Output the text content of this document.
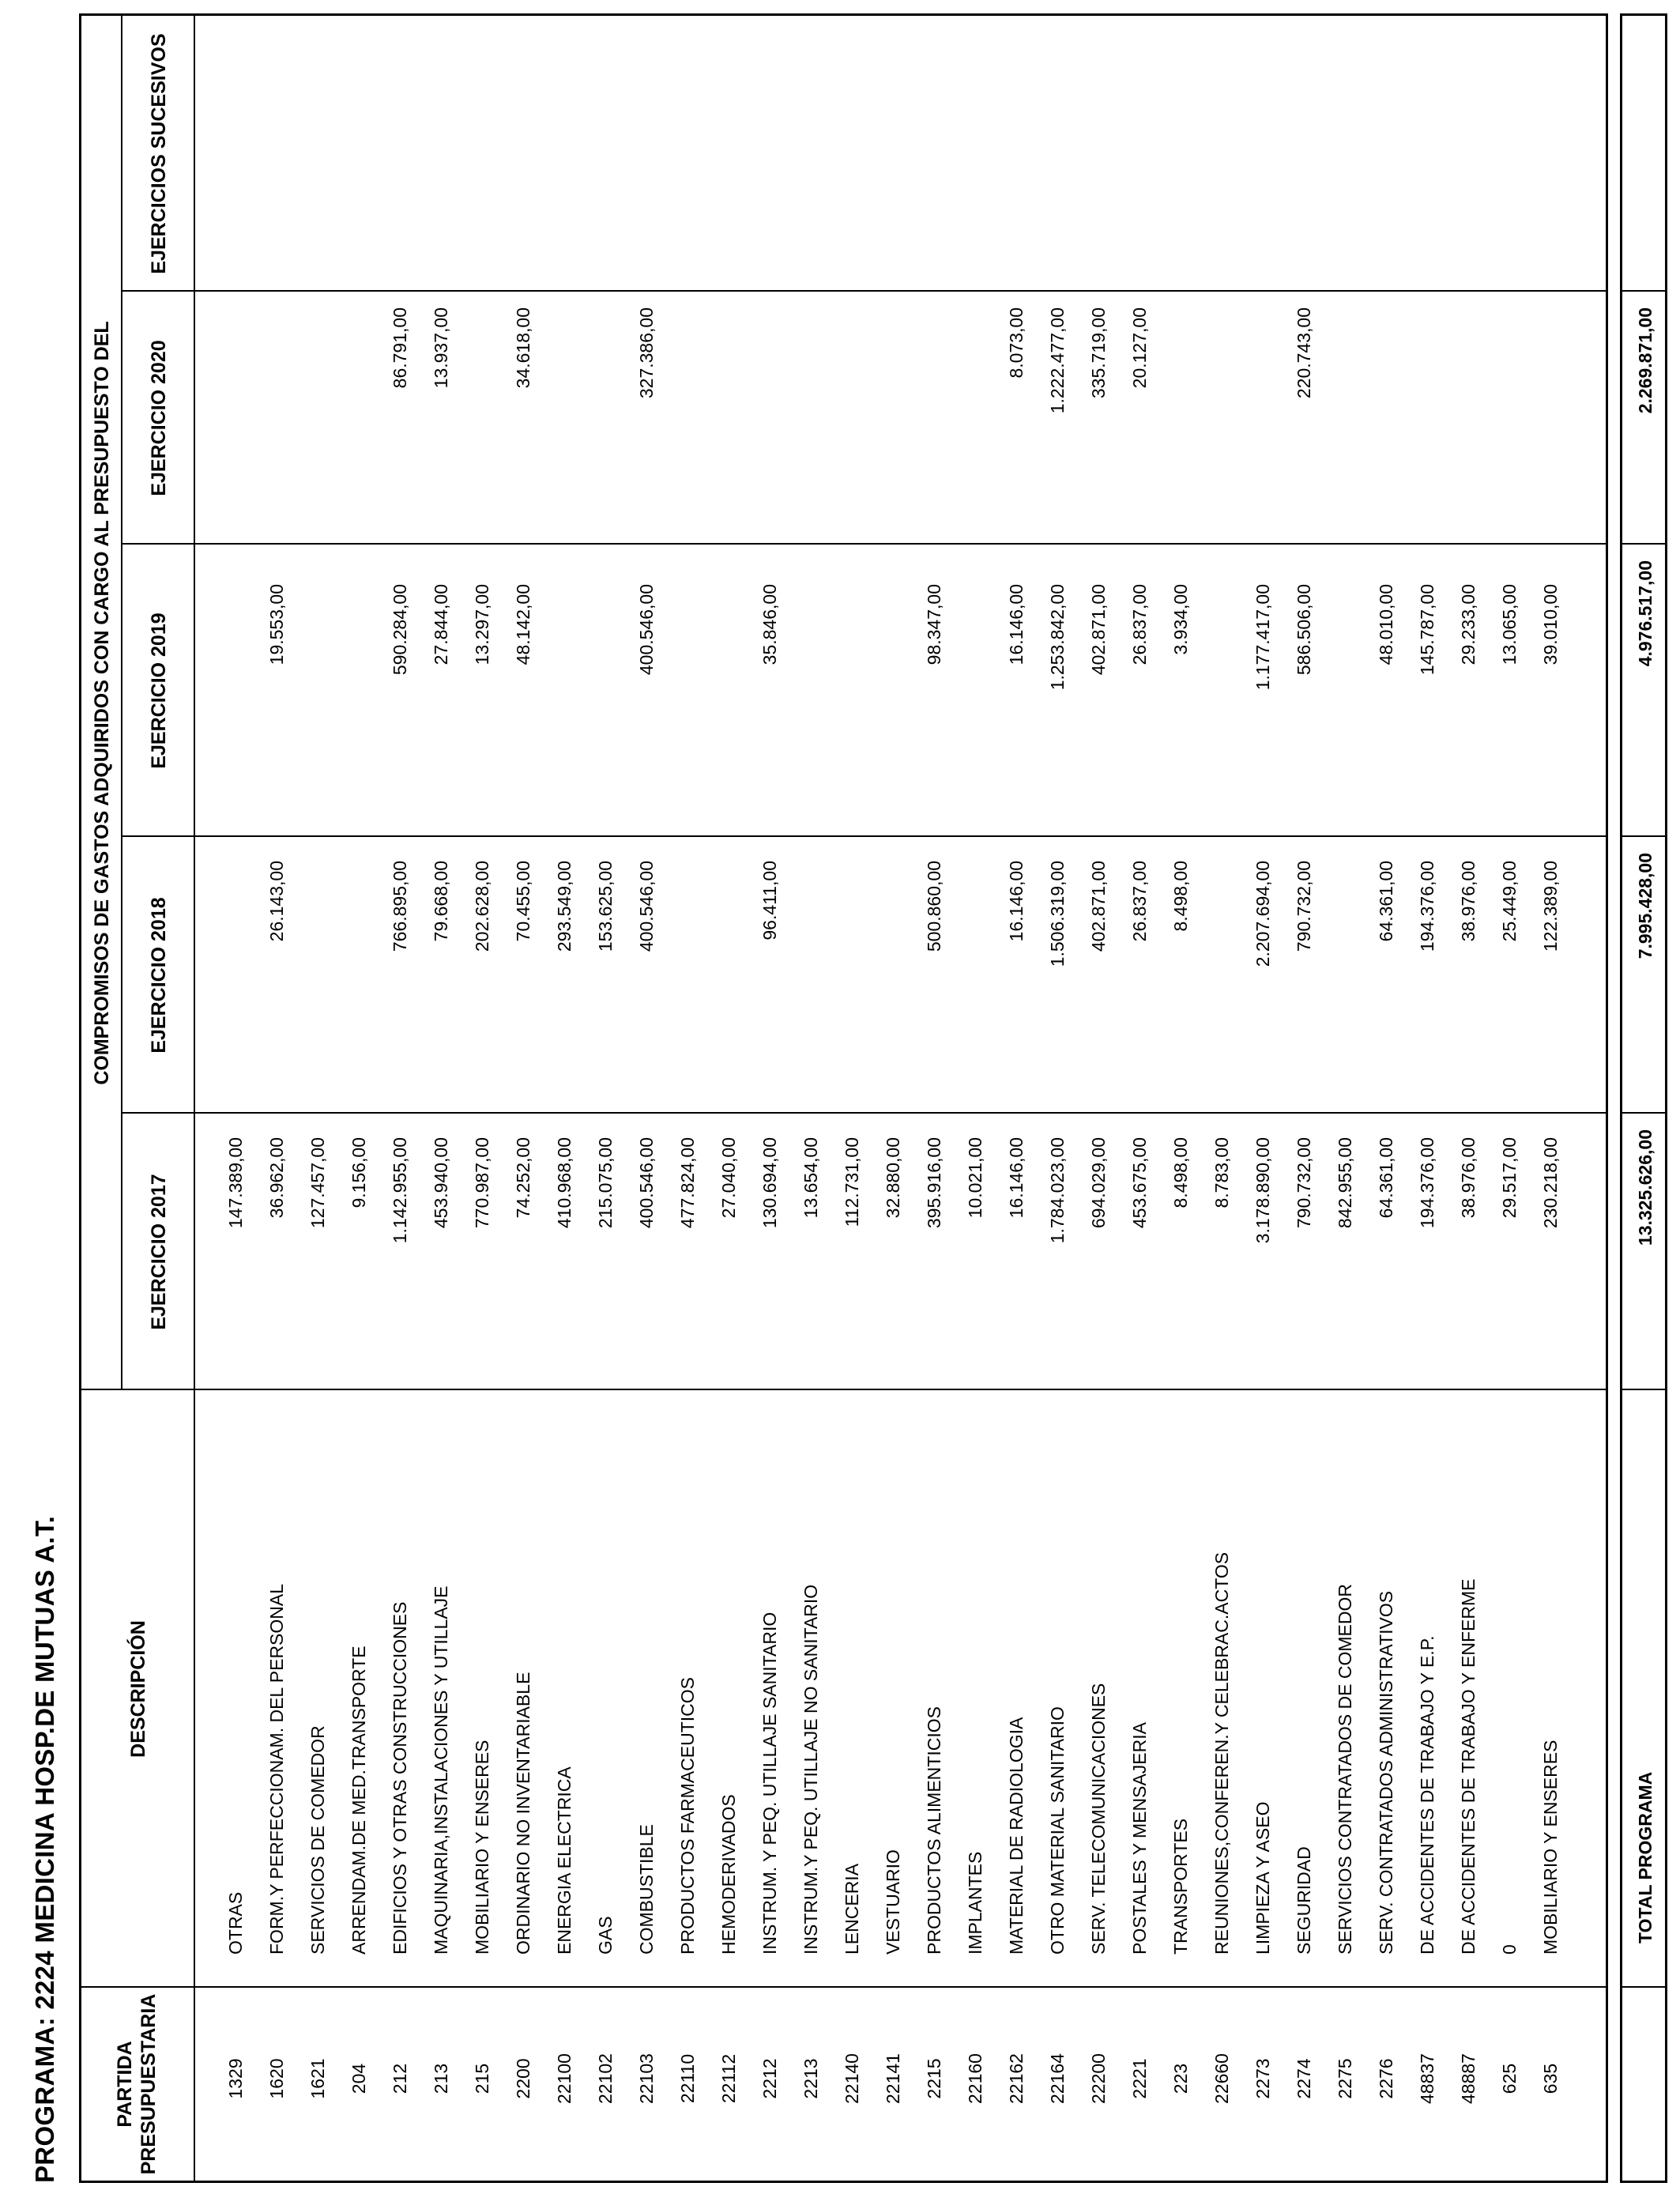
PROGRAMA: 2224 MEDICINA HOSP.DE MUTUAS A.T.	PARTIDA PRESUPUESTARIA
DESCRIPCIÓN
COMPROMISOS DE GASTOS ADQUIRIDOS CON CARGO AL PRESUPUESTO DEL
EJERCICIO 2017
EJERCICIO 2018
EJERCICIO 2019
EJERCICIO 2020
EJERCICIOS SUCESIVOS
1329
OTRAS
147.389,00
1620
FORM.Y PERFECCIONAM. DEL PERSONAL
36.962,00
26.143,00
19.553,00
1621
SERVICIOS DE COMEDOR
127.457,00
204
ARRENDAM.DE MED.TRANSPORTE
9.156,00
212
EDIFICIOS Y OTRAS CONSTRUCCIONES
1.142.955,00
766.895,00
590.284,00
86.791,00
213
MAQUINARIA,INSTALACIONES Y UTILLAJE
453.940,00
79.668,00
27.844,00
13.937,00
215
MOBILIARIO Y ENSERES
770.987,00
202.628,00
13.297,00
2200
ORDINARIO NO INVENTARIABLE
74.252,00
70.455,00
48.142,00
34.618,00
22100
ENERGIA ELECTRICA
410.968,00
293.549,00
22102
GAS
215.075,00
153.625,00
22103
COMBUSTIBLE
400.546,00
400.546,00
400.546,00
327.386,00
22110
PRODUCTOS FARMACEUTICOS
477.824,00
22112
HEMODERIVADOS
27.040,00
2212
INSTRUM. Y PEQ. UTILLAJE SANITARIO
130.694,00
96.411,00
35.846,00
2213
INSTRUM.Y PEQ. UTILLAJE NO SANITARIO
13.654,00
22140
LENCERIA
112.731,00
22141
VESTUARIO
32.880,00
2215
PRODUCTOS ALIMENTICIOS
395.916,00
500.860,00
98.347,00
22160
IMPLANTES
10.021,00
22162
MATERIAL DE RADIOLOGIA
16.146,00
16.146,00
16.146,00
8.073,00
22164
OTRO MATERIAL SANITARIO
1.784.023,00
1.506.319,00
1.253.842,00
1.222.477,00
22200
SERV. TELECOMUNICACIONES
694.029,00
402.871,00
402.871,00
335.719,00
2221
POSTALES Y MENSAJERIA
453.675,00
26.837,00
26.837,00
20.127,00
223
TRANSPORTES
8.498,00
8.498,00
3.934,00
22660
REUNIONES,CONFEREN.Y CELEBRAC.ACTOS
8.783,00
2273
LIMPIEZA Y ASEO
3.178.890,00
2.207.694,00
1.177.417,00
2274
SEGURIDAD
790.732,00
790.732,00
586.506,00
220.743,00
2275
SERVICIOS CONTRATADOS DE COMEDOR
842.955,00
2276
SERV. CONTRATADOS ADMINISTRATIVOS
64.361,00
64.361,00
48.010,00
48837
DE ACCIDENTES DE TRABAJO Y E.P.
194.376,00
194.376,00
145.787,00
48887
DE ACCIDENTES DE TRABAJO Y ENFERME
38.976,00
38.976,00
29.233,00
625
0
29.517,00
25.449,00
13.065,00
635
MOBILIARIO Y ENSERES
230.218,00
122.389,00
39.010,00
TOTAL PROGRAMA
13.325.626,00
7.995.428,00
4.976.517,00
2.269.871,00
